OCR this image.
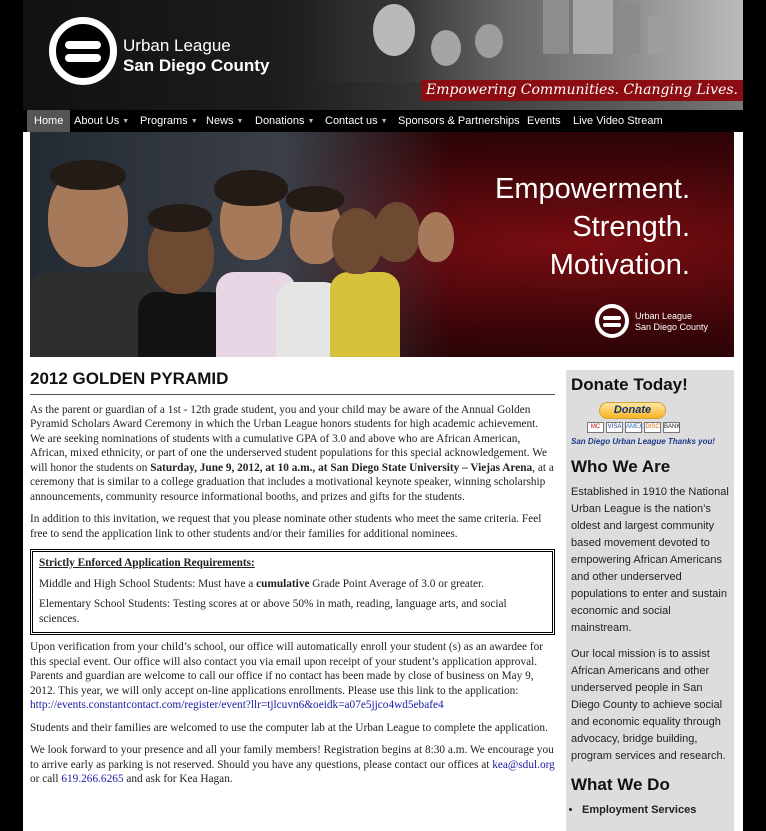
Urban League
San Diego County
Empowering Communities. Changing Lives.
Home About Us ▼ Programs ▼ News ▼ Donations ▼ Contact us ▼ Sponsors & Partnerships Events Live Video Stream
Empowerment.
Strength.
Motivation.
Urban League
San Diego County
2012 GOLDEN PYRAMID

As the parent or guardian of a 1st - 12th grade student, you and your child may be aware of the Annual Golden Pyramid Scholars Award Ceremony in which the Urban League honors students for high academic achievement. We are seeking nominations of students with a cumulative GPA of 3.0 and above who are African American, African, mixed ethnicity, or part of one the underserved student populations for this special acknowledgement. We will honor the students on Saturday, June 9, 2012, at 10 a.m., at San Diego State University – Viejas Arena, at a ceremony that is similar to a college graduation that includes a motivational keynote speaker, winning scholarship announcements, community resource informational booths, and prizes and gifts for the students.

In addition to this invitation, we request that you please nominate other students who meet the same criteria. Feel free to send the application link to other students and/or their families for additional nominees.

Strictly Enforced Application Requirements:

Middle and High School Students: Must have a cumulative Grade Point Average of 3.0 or greater.

Elementary School Students: Testing scores at or above 50% in math, reading, language arts, and social sciences.

Upon verification from your child’s school, our office will automatically enroll your student (s) as an awardee for this special event. Our office will also contact you via email upon receipt of your student’s application approval. Parents and guardian are welcome to call our office if no contact has been made by close of business on May 9, 2012. This year, we will only accept on-line applications enrollments. Please use this link to the application: http://events.constantcontact.com/register/event?llr=tjlcuvn6&oeidk=a07e5jjco4wd5ebafe4

Students and their families are welcomed to use the computer lab at the Urban League to complete the application.

We look forward to your presence and all your family members! Registration begins at 8:30 a.m. We encourage you to arrive early as parking is not reserved. Should you have any questions, please contact our offices at kea@sdul.org or call 619.266.6265 and ask for Kea Hagan.

Donate Today!
Donate
MC	VISA AMEX DISC BANK
San Diego Urban League Thanks you!
Who We Are

Established in 1910 the National Urban League is the nation’s oldest and largest community based movement devoted to empowering African Americans and other underserved populations to enter and sustain economic and social mainstream.

Our local mission is to assist African Americans and other underserved people in San Diego County to achieve social and economic equality through advocacy, bridge building, program services and research.

What We Do
• Employment Services
